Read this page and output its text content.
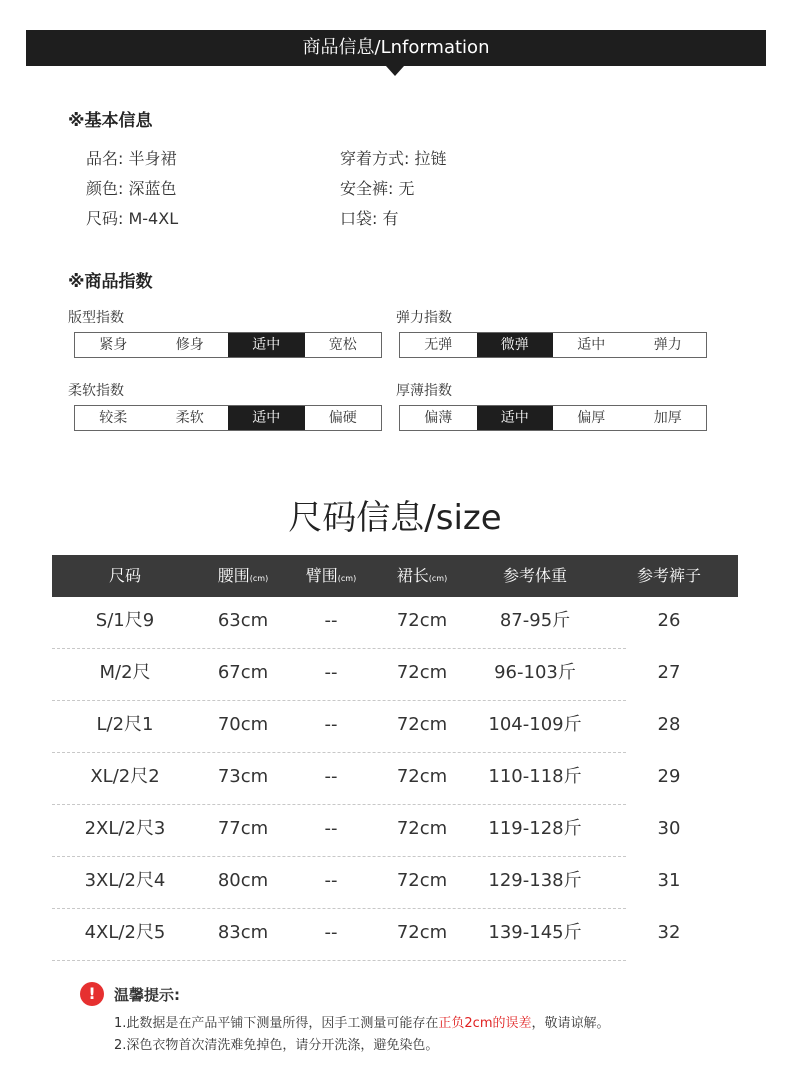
商品信息/Lnformation
※基本信息
品名: 半身裙
颜色: 深蓝色
尺码: M-4XL
穿着方式: 拉链
安全裤: 无
口袋: 有
※商品指数
版型指数
紧身	修身	适中	宽松
弹力指数
无弹	微弹	适中	弹力
柔软指数
较柔	柔软	适中	偏硬
厚薄指数
偏薄	适中	偏厚	加厚
尺码信息/size
尺码	腰围(cm)	臂围(cm)	裙长(cm)	参考体重	参考裤子
S/1尺9	63cm	--	72cm	87-95斤	26
M/2尺	67cm	--	72cm	96-103斤	27
L/2尺1	70cm	--	72cm	104-109斤	28
XL/2尺2	73cm	--	72cm	110-118斤	29
2XL/2尺3	77cm	--	72cm	119-128斤	30
3XL/2尺4	80cm	--	72cm	129-138斤	31
4XL/2尺5	83cm	--	72cm	139-145斤	32
!	温馨提示:
1.此数据是在产品平铺下测量所得，因手工测量可能存在正负2cm的误差，敬请谅解。
2.深色衣物首次清洗难免掉色，请分开洗涤，避免染色。
